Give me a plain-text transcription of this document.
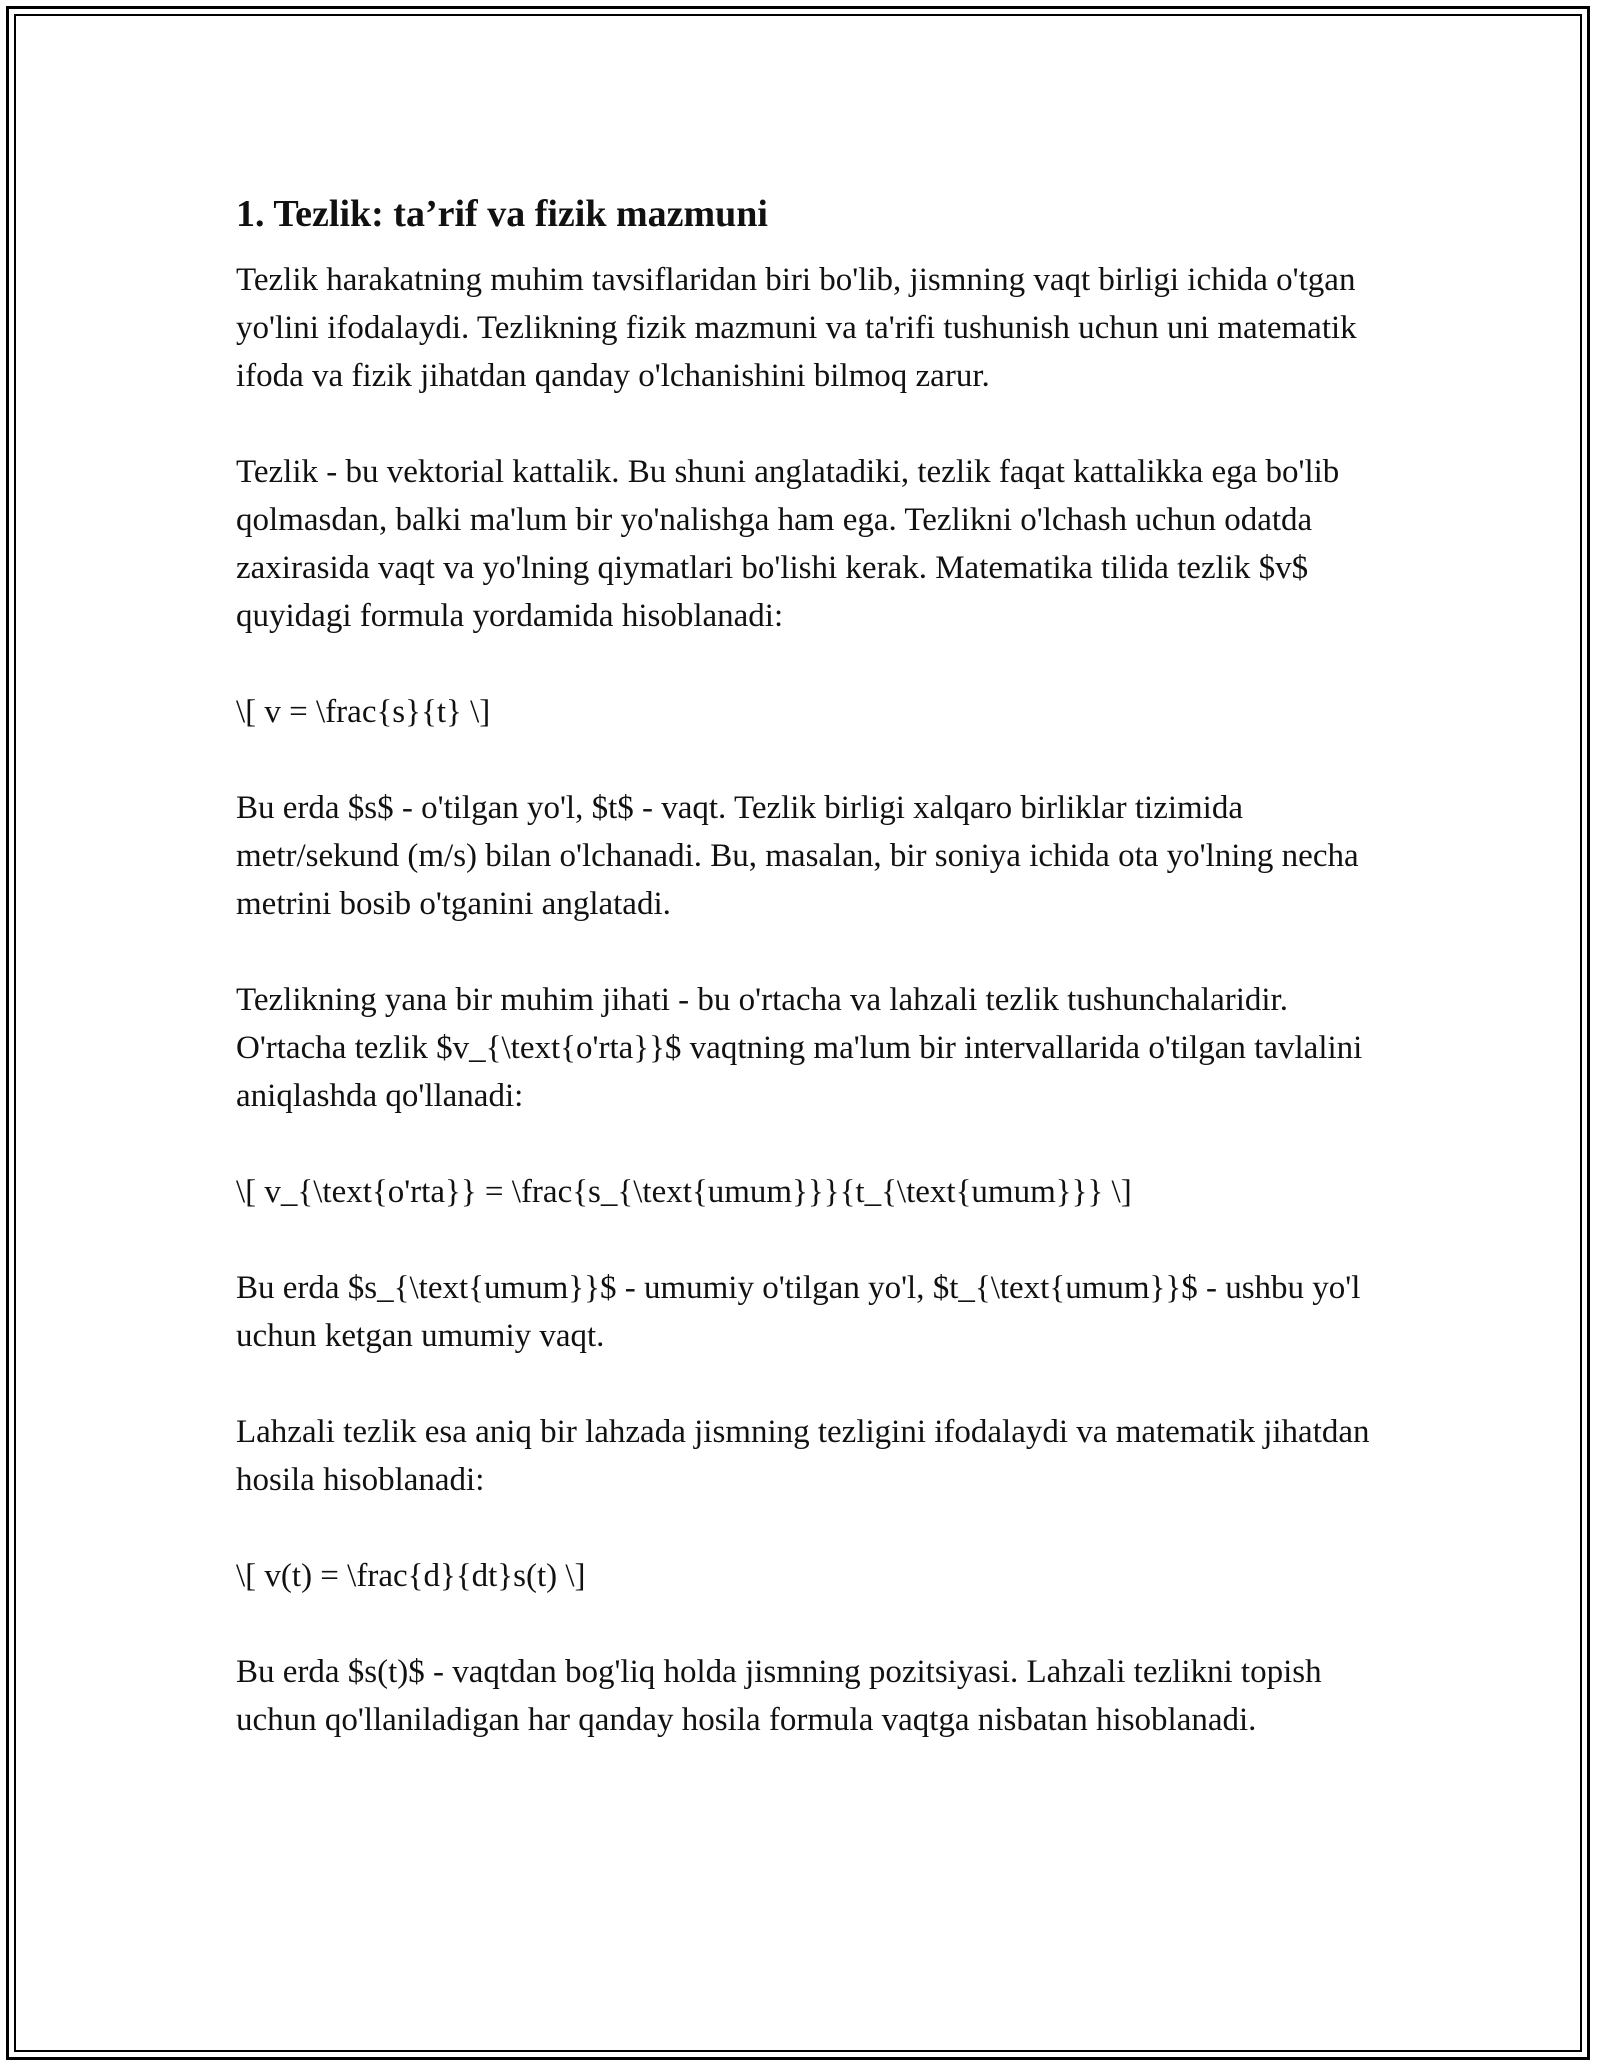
1. Tezlik: ta’rif va fizik mazmuni

Tezlik harakatning muhim tavsiflaridan biri bo'lib, jismning vaqt birligi ichida o'tgan yo'lini ifodalaydi. Tezlikning fizik mazmuni va ta'rifi tushunish uchun uni matematik ifoda va fizik jihatdan qanday o'lchanishini bilmoq zarur.

Tezlik - bu vektorial kattalik. Bu shuni anglatadiki, tezlik faqat kattalikka ega bo'lib qolmasdan, balki ma'lum bir yo'nalishga ham ega. Tezlikni o'lchash uchun odatda zaxirasida vaqt va yo'lning qiymatlari bo'lishi kerak. Matematika tilida tezlik $v$ quyidagi formula yordamida hisoblanadi:

\[ v = \frac{s}{t} \]

Bu erda $s$ - o'tilgan yo'l, $t$ - vaqt. Tezlik birligi xalqaro birliklar tizimida metr/sekund (m/s) bilan o'lchanadi. Bu, masalan, bir soniya ichida ota yo'lning necha metrini bosib o'tganini anglatadi.

Tezlikning yana bir muhim jihati - bu o'rtacha va lahzali tezlik tushunchalaridir. O'rtacha tezlik $v_{\text{o'rta}}$ vaqtning ma'lum bir intervallarida o'tilgan tavlalini aniqlashda qo'llanadi:

\[ v_{\text{o'rta}} = \frac{s_{\text{umum}}}{t_{\text{umum}}} \]

Bu erda $s_{\text{umum}}$ - umumiy o'tilgan yo'l, $t_{\text{umum}}$ - ushbu yo'l uchun ketgan umumiy vaqt.

Lahzali tezlik esa aniq bir lahzada jismning tezligini ifodalaydi va matematik jihatdan hosila hisoblanadi:

\[ v(t) = \frac{d}{dt}s(t) \]

Bu erda $s(t)$ - vaqtdan bog'liq holda jismning pozitsiyasi. Lahzali tezlikni topish uchun qo'llaniladigan har qanday hosila formula vaqtga nisbatan hisoblanadi.
